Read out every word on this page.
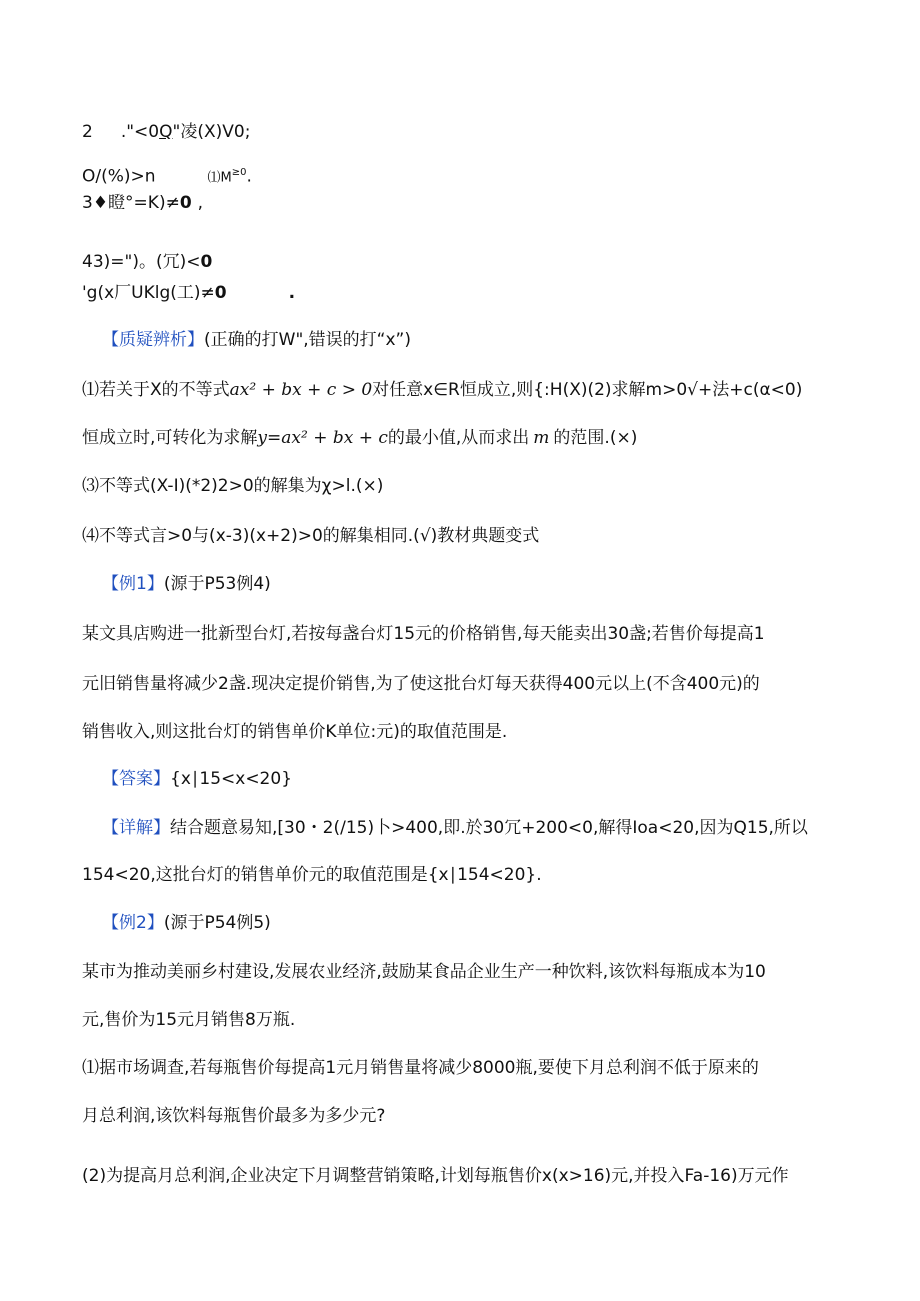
2 ."<0Q"凌(X)V0;
O/(%)>n	$⑴M^{\ge 0}$.
3♦瞪°=K)≠0 ,
43)=")。(冗)<0
'g(x厂UKlg(工)≠0	.
【质疑辨析】(正确的打W",错误的打“x”)
⑴若关于X的不等式ax² + bx + c > 0对任意x∈R恒成立,则{:H(X)(2)求解m>0√+法+c(α<0)
恒成立时,可转化为求解y=ax² + bx + c的最小值,从而求出 m 的范围.(×)
⑶不等式(X-I)(*2)2>0的解集为χ>l.(×)
⑷不等式言>0与(x-3)(x+2)>0的解集相同.(√)教材典题变式
【例1】(源于P53例4)
某文具店购进一批新型台灯,若按每盏台灯15元的价格销售,每天能卖出30盏;若售价每提高1
元旧销售量将减少2盏.现决定提价销售,为了使这批台灯每天获得400元以上(不含400元)的
销售收入,则这批台灯的销售单价K单位:元)的取值范围是.
【答案】{x∣15<x<20}
【详解】结合题意易知,[30・2(/15)卜>400,即.於30冗+200<0,解得Ioa<20,因为Q15,所以
154<20,这批台灯的销售单价元的取值范围是{x∣154<20}.
【例2】(源于P54例5)
某市为推动美丽乡村建设,发展农业经济,鼓励某食品企业生产一种饮料,该饮料每瓶成本为10
元,售价为15元月销售8万瓶.
⑴据市场调查,若每瓶售价每提高1元月销售量将减少8000瓶,要使下月总利润不低于原来的
月总利润,该饮料每瓶售价最多为多少元?
(2)为提高月总利润,企业决定下月调整营销策略,计划每瓶售价x(x>16)元,并投入Fa-16)万元作
